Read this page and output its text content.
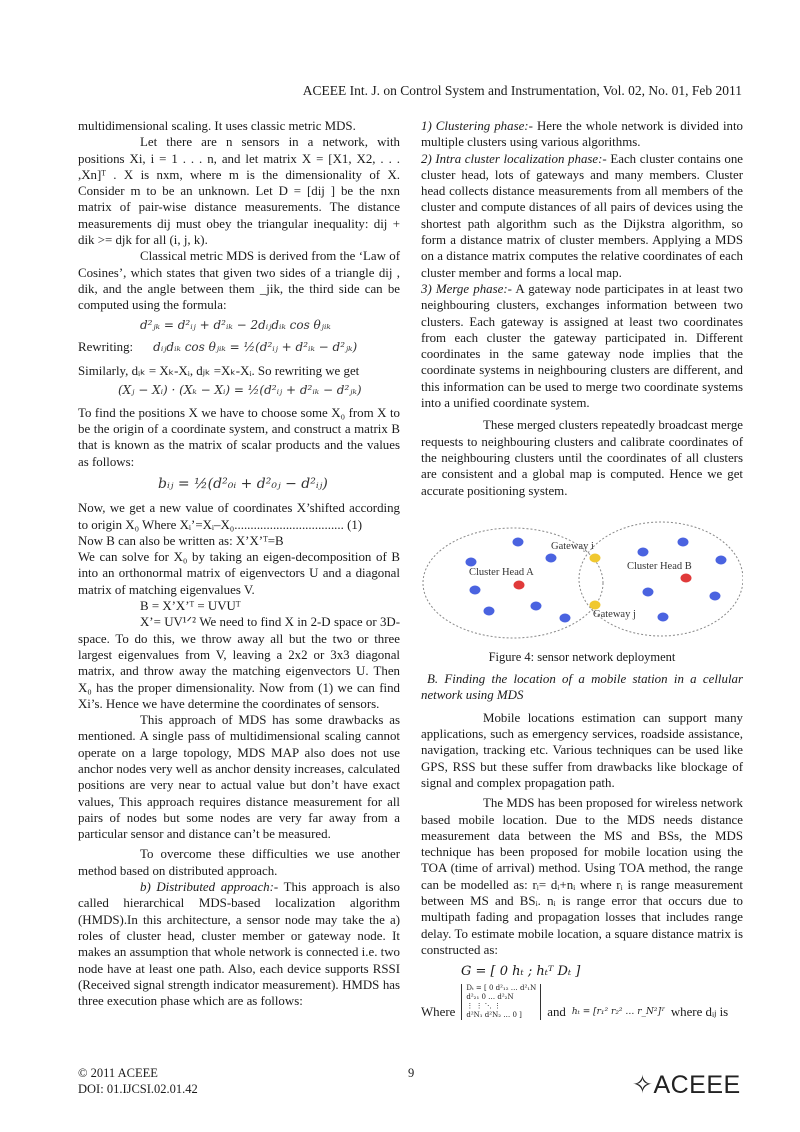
ACEEE Int. J. on Control System and Instrumentation, Vol. 02, No. 01, Feb 2011

multidimensional scaling. It uses classic metric MDS.

Let there are n sensors in a network, with positions Xi, i = 1 . . . n, and let matrix X = [X1, X2, . . . ,Xn]ᵀ . X is nxm, where m is the dimensionality of X. Consider m to be an unknown. Let D = [dij ] be the nxn matrix of pair-wise distance measurements. The distance measurements dij must obey the triangular inequality: dij + dik >= djk for all (i, j, k).

Classical metric MDS is derived from the ‘Law of Cosines’, which states that given two sides of a triangle dij , dik, and the angle between them _jik, the third side can be computed using the formula:

d²ⱼₖ = d²ᵢⱼ + d²ᵢₖ − 2dᵢⱼdᵢₖ cos θⱼᵢₖ
Rewriting: dᵢⱼdᵢₖ cos θⱼᵢₖ = ½(d²ᵢⱼ + d²ᵢₖ − d²ⱼₖ)

Similarly, dᵢₖ = Xₖ-Xᵢ, dⱼₖ =Xₖ-Xᵢ. So rewriting we get

(Xⱼ − Xᵢ) · (Xₖ − Xᵢ) = ½(d²ᵢⱼ + d²ᵢₖ − d²ⱼₖ)

To find the positions X we have to choose some X₀ from X to be the origin of a coordinate system, and construct a matrix B that is known as the matrix of scalar products and the values as follows:

bᵢⱼ = ½(d²₀ᵢ + d²₀ⱼ − d²ᵢⱼ)

Now, we get a new value of coordinates X’shifted according to origin X₀ Where Xᵢ’=Xᵢ–X₀.................................. (1)

Now B can also be written as: X’X’ᵀ=B

We can solve for X₀ by taking an eigen-decomposition of B into an orthonormal matrix of eigenvectors U and a diagonal matrix of matching eigenvalues V.

B = X’X’ᵀ = UVUᵀ

X’= UV¹ᐟ² We need to find X in 2-D space or 3D-space. To do this, we throw away all but the two or three largest eigenvalues from V, leaving a 2x2 or 3x3 diagonal matrix, and throw away the matching eigenvectors U. Then X₀ has the proper dimensionality. Now from (1) we can find Xi’s. Hence we have determine the coordinates of sensors.

This approach of MDS has some drawbacks as mentioned. A single pass of multidimensional scaling cannot operate on a large topology, MDS MAP also does not use anchor nodes very well as anchor density increases, calculated positions are very near to actual value but don’t have exact values, This approach requires distance measurement for all pairs of nodes but some nodes are very far away from a particular sensor and distance can’t be measured.

To overcome these difficulties we use another method based on distributed approach.

b) Distributed approach:- This approach is also called hierarchical MDS-based localization algorithm (HMDS).In this architecture, a sensor node may take the a) roles of cluster head, cluster member or gateway node. It makes an assumption that whole network is connected i.e. two node have at least one path. Also, each device supports RSSI (Received signal strength indicator measurement). HMDS has three execution phase which are as follows:

1) Clustering phase:- Here the whole network is divided into multiple clusters using various algorithms.

2) Intra cluster localization phase:- Each cluster contains one cluster head, lots of gateways and many members. Cluster head collects distance measurements from all members of the cluster and compute distances of all pairs of devices using the shortest path algorithm such as the Dijkstra algorithm, so form a distance matrix of cluster members. Applying a MDS on a distance matrix computes the relative coordinates of each cluster member and forms a local map.

3) Merge phase:- A gateway node participates in at least two neighbouring clusters, exchanges information between two clusters. Each gateway is assigned at least two coordinates from each cluster the gateway participated in. Different coordinates in the same gateway node implies that the coordinate systems in neighbouring clusters are different, and this information can be used to merge two coordinate systems into a unified coordinate system.

These merged clusters repeatedly broadcast merge requests to neighbouring clusters and calibrate coordinates of the neighbouring clusters until the coordinates of all clusters are consistent and a global map is computed. Hence we get accurate positioning system.

Gateway i
Cluster Head A
Cluster Head B
Gateway j
Figure 4: sensor network deployment

B. Finding the location of a mobile station in a cellular network using MDS

Mobile locations estimation can support many applications, such as emergency services, roadside assistance, navigation, tracking etc. Various techniques can be used like GPS, RSS but these suffer from drawbacks like blockage of signal and complex propagation path.

The MDS has been proposed for wireless network based mobile location. Due to the MDS needs distance measurement data between the MS and BSs, the MDS technique has been proposed for mobile location using the TOA (time of arrival) method. Using TOA method, the range can be modelled as: rᵢ= dᵢ+nᵢ where rᵢ is range measurement between MS and BSᵢ. nᵢ is range error that occurs due to multipath fading and propagation losses that includes range delay. To estimate mobile location, a square distance matrix is constructed as:

G = [ 0 hₜ ; hₜᵀ Dₜ ]
Where
Dₜ = [ 0 d²₁₂ … d²₁N
d²₂₁ 0 … d²₂N
⋮ ⋮ ⋱ ⋮
d²N₁ d²N₂ … 0 ]	and hₜ = [r₁² r₂² … r_N²]ᵀ where dᵢⱼ is
© 2011 ACEEE
DOI: 01.IJCSI.02.01.42
9	✧ACEEE
